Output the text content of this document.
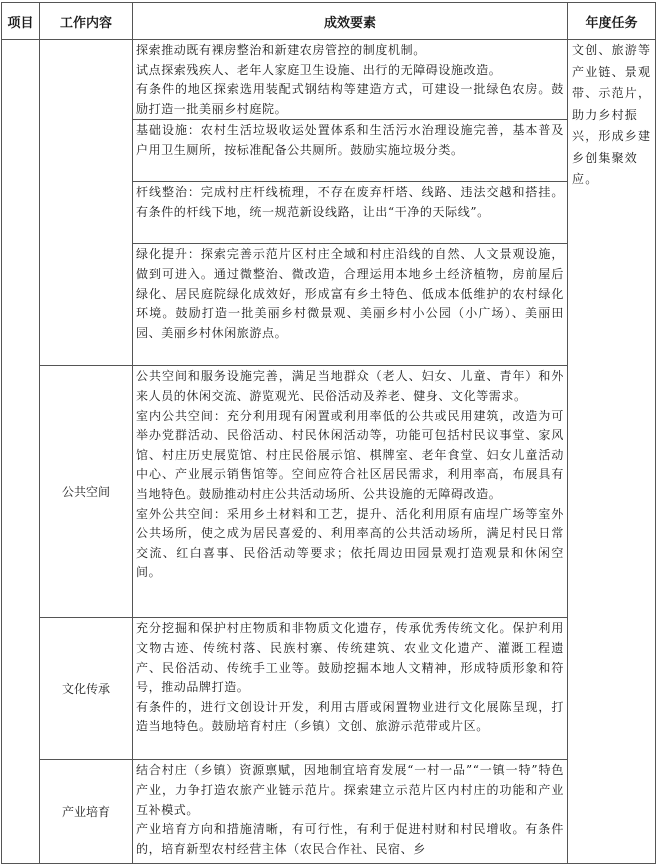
项目	工作内容	成效要素	年度任务

		探索推动既有裸房整治和新建农房管控的制度机制。

试点探索残疾人、老年人家庭卫生设施、出行的无障碍设施改造。

有条件的地区探索选用装配式钢结构等建造方式，可建设一批绿色农房。鼓励打造一批美丽乡村庭院。	文创、旅游等产业链、景观带、示范片，助力乡村振兴，形成乡建乡创集聚效应。

		基础设施：农村生活垃圾收运处置体系和生活污水治理设施完善，基本普及户用卫生厕所，按标准配备公共厕所。鼓励实施垃圾分类。	

		杆线整治：完成村庄杆线梳理，不存在废弃杆塔、线路、违法交越和搭挂。有条件的杆线下地，统一规范新设线路，让出“干净的天际线”。	

		绿化提升：探索完善示范片区村庄全域和村庄沿线的自然、人文景观设施，做到可进入。通过微整治、微改造，合理运用本地乡土经济植物，房前屋后绿化、居民庭院绿化成效好，形成富有乡土特色、低成本低维护的农村绿化环境。鼓励打造一批美丽乡村微景观、美丽乡村小公园（小广场）、美丽田园、美丽乡村休闲旅游点。	

	公共空间	公共空间和服务设施完善，满足当地群众（老人、妇女、儿童、青年）和外来人员的休闲交流、游览观光、民俗活动及养老、健身、文化等需求。

室内公共空间：充分利用现有闲置或利用率低的公共或民用建筑，改造为可举办党群活动、民俗活动、村民休闲活动等，功能可包括村民议事堂、家风馆、村庄历史展览馆、村庄民俗展示馆、棋牌室、老年食堂、妇女儿童活动中心、产业展示销售馆等。空间应符合社区居民需求，利用率高，布展具有当地特色。鼓励推动村庄公共活动场所、公共设施的无障碍改造。

室外公共空间：采用乡土材料和工艺，提升、活化利用原有庙埕广场等室外公共场所，使之成为居民喜爱的、利用率高的公共活动场所，满足村民日常交流、红白喜事、民俗活动等要求；依托周边田园景观打造观景和休闲空间。	

	文化传承	充分挖掘和保护村庄物质和非物质文化遗存，传承优秀传统文化。保护利用文物古迹、传统村落、民族村寨、传统建筑、农业文化遗产、灌溉工程遗产、民俗活动、传统手工业等。鼓励挖掘本地人文精神，形成特质形象和符号，推动品牌打造。

有条件的，进行文创设计开发，利用古厝或闲置物业进行文化展陈呈现，打造当地特色。鼓励培育村庄（乡镇）文创、旅游示范带或片区。	

	产业培育	结合村庄（乡镇）资源禀赋，因地制宜培育发展“一村一品”“一镇一特”特色产业，力争打造农旅产业链示范片。探索建立示范片区内村庄的功能和产业互补模式。

产业培育方向和措施清晰，有可行性，有利于促进村财和村民增收。有条件的，培育新型农村经营主体（农民合作社、民宿、乡	
